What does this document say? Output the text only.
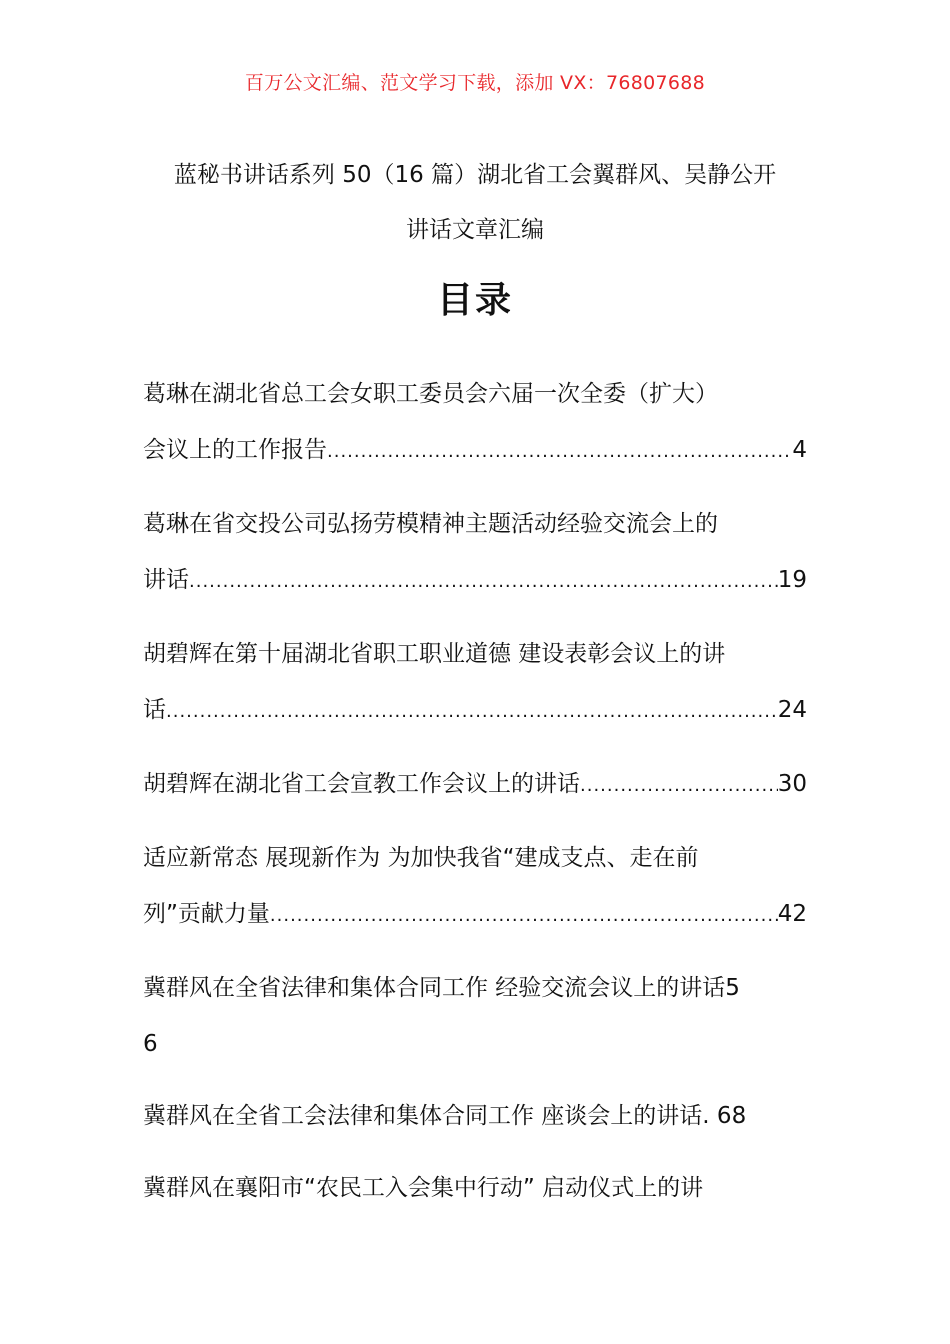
百万公文汇编、范文学习下载，添加 VX：76807688
蓝秘书讲话系列 50（16 篇）湖北省工会翼群风、吴静公开
讲话文章汇编
目录
葛琳在湖北省总工会女职工委员会六届一次全委（扩大）
会议上的工作报告 .....	4
葛琳在省交投公司弘扬劳模精神主题活动经验交流会上的
讲话 .....	19
胡碧辉在第十届湖北省职工职业道德 建设表彰会议上的讲
话 .....	24
胡碧辉在湖北省工会宣教工作会议上的讲话 .....	30
适应新常态 展现新作为 为加快我省“建成支点、走在前
列”贡献力量 .....	42
冀群风在全省法律和集体合同工作 经验交流会议上的讲话5
6
冀群风在全省工会法律和集体合同工作 座谈会上的讲话. 68
冀群风在襄阳市“农民工入会集中行动” 启动仪式上的讲
